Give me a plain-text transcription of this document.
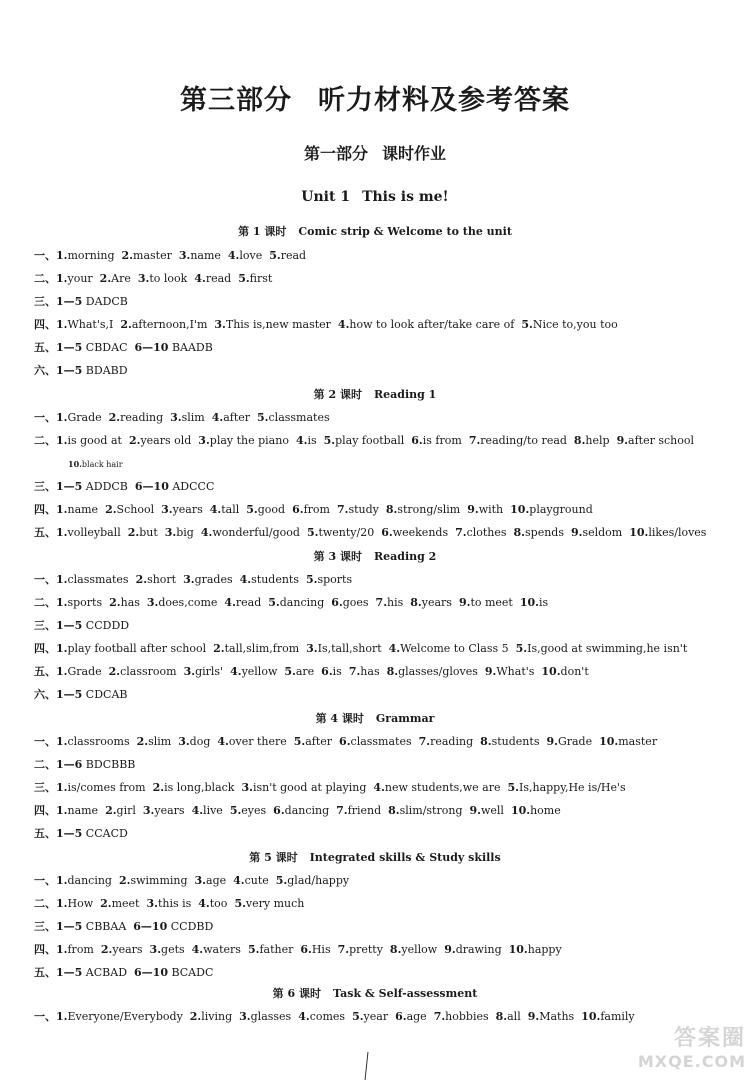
第三部分 听力材料及参考答案
第一部分 课时作业
Unit 1 This is me!
第 1 课时 Comic strip & Welcome to the unit
一、1.morning  2.master  3.name  4.love  5.read
二、1.your  2.Are  3.to look  4.read  5.first
三、1—5 DADCB
四、1.What's,I  2.afternoon,I'm  3.This is,new master  4.how to look after/take care of  5.Nice to,you too
五、1—5 CBDAC  6—10 BAADB
六、1—5 BDABD
第 2 课时 Reading 1
一、1.Grade  2.reading  3.slim  4.after  5.classmates
二、1.is good at  2.years old  3.play the piano  4.is  5.play football  6.is from  7.reading/to read  8.help  9.after school
10.black hair
三、1—5 ADDCB  6—10 ADCCC
四、1.name  2.School  3.years  4.tall  5.good  6.from  7.study  8.strong/slim  9.with  10.playground
五、1.volleyball  2.but  3.big  4.wonderful/good  5.twenty/20  6.weekends  7.clothes  8.spends  9.seldom  10.likes/loves
第 3 课时 Reading 2
一、1.classmates  2.short  3.grades  4.students  5.sports
二、1.sports  2.has  3.does,come  4.read  5.dancing  6.goes  7.his  8.years  9.to meet  10.is
三、1—5 CCDDD
四、1.play football after school  2.tall,slim,from  3.Is,tall,short  4.Welcome to Class 5  5.Is,good at swimming,he isn't
五、1.Grade  2.classroom  3.girls'  4.yellow  5.are  6.is  7.has  8.glasses/gloves  9.What's  10.don't
六、1—5 CDCAB
第 4 课时 Grammar
一、1.classrooms  2.slim  3.dog  4.over there  5.after  6.classmates  7.reading  8.students  9.Grade  10.master
二、1—6 BDCBBB
三、1.is/comes from  2.is long,black  3.isn't good at playing  4.new students,we are  5.Is,happy,He is/He's
四、1.name  2.girl  3.years  4.live  5.eyes  6.dancing  7.friend  8.slim/strong  9.well  10.home
五、1—5 CCACD
第 5 课时 Integrated skills & Study skills
一、1.dancing  2.swimming  3.age  4.cute  5.glad/happy
二、1.How  2.meet  3.this is  4.too  5.very much
三、1—5 CBBAA  6—10 CCDBD
四、1.from  2.years  3.gets  4.waters  5.father  6.His  7.pretty  8.yellow  9.drawing  10.happy
五、1—5 ACBAD  6—10 BCADC
第 6 课时 Task & Self-assessment
一、1.Everyone/Everybody  2.living  3.glasses  4.comes  5.year  6.age  7.hobbies  8.all  9.Maths  10.family
答案圈
MXQE.COM
